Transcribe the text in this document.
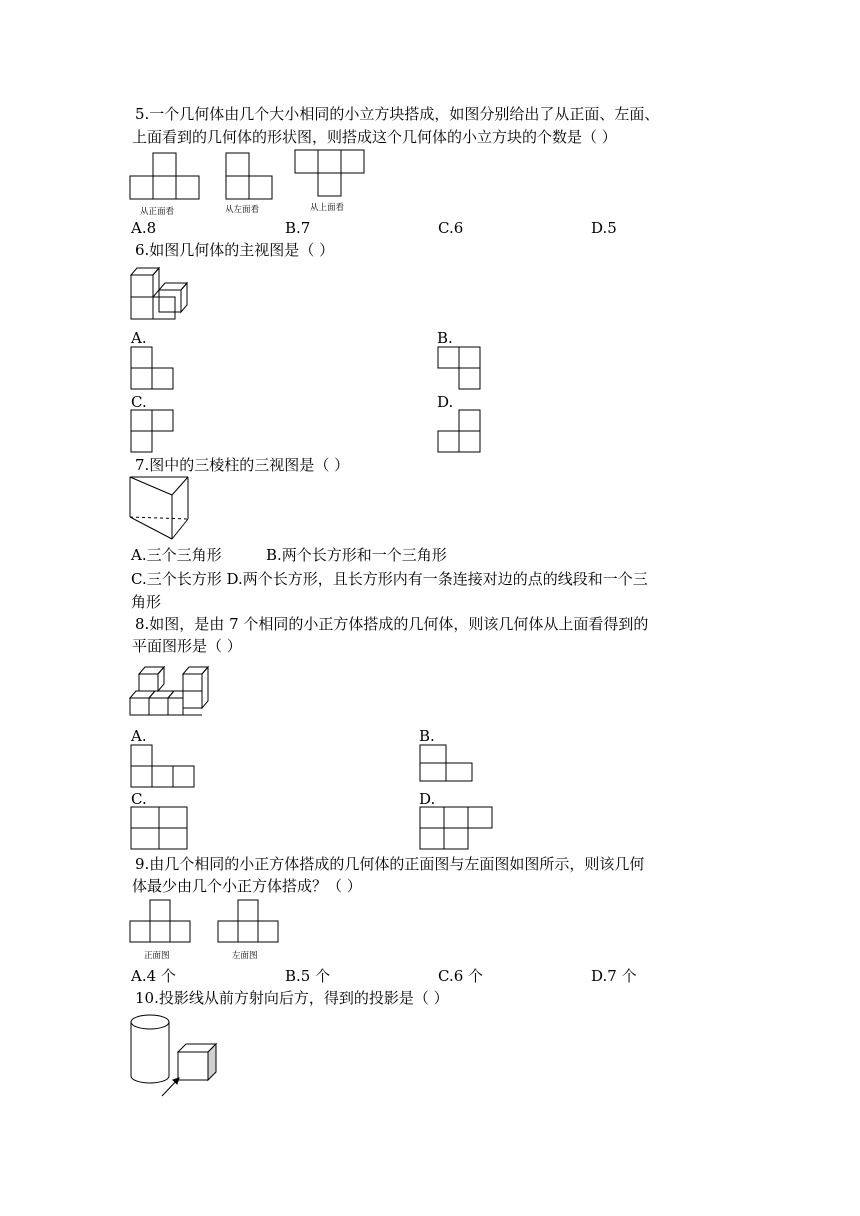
5.一个几何体由几个大小相同的小立方块搭成，如图分别给出了从正面、左面、
上面看到的几何体的形状图，则搭成这个几何体的小立方块的个数是（ ）
从正面看	从左面看	从上面看
A.8	B.7	C.6	D.5
6.如图几何体的主视图是（ ）
A.	B.
C.	D.
7.图中的三棱柱的三视图是（ ）
A.三个三角形	B.两个长方形和一个三角形
C.三个长方形 D.两个长方形，且长方形内有一条连接对边的点的线段和一个三
角形
8.如图，是由 7 个相同的小正方体搭成的几何体，则该几何体从上面看得到的
平面图形是（ ）
A.	B.
C.	D.
9.由几个相同的小正方体搭成的几何体的正面图与左面图如图所示，则该几何
体最少由几个小正方体搭成？（ ）
正面图	左面图
A.4 个	B.5 个	C.6 个	D.7 个
10.投影线从前方射向后方，得到的投影是（ ）
